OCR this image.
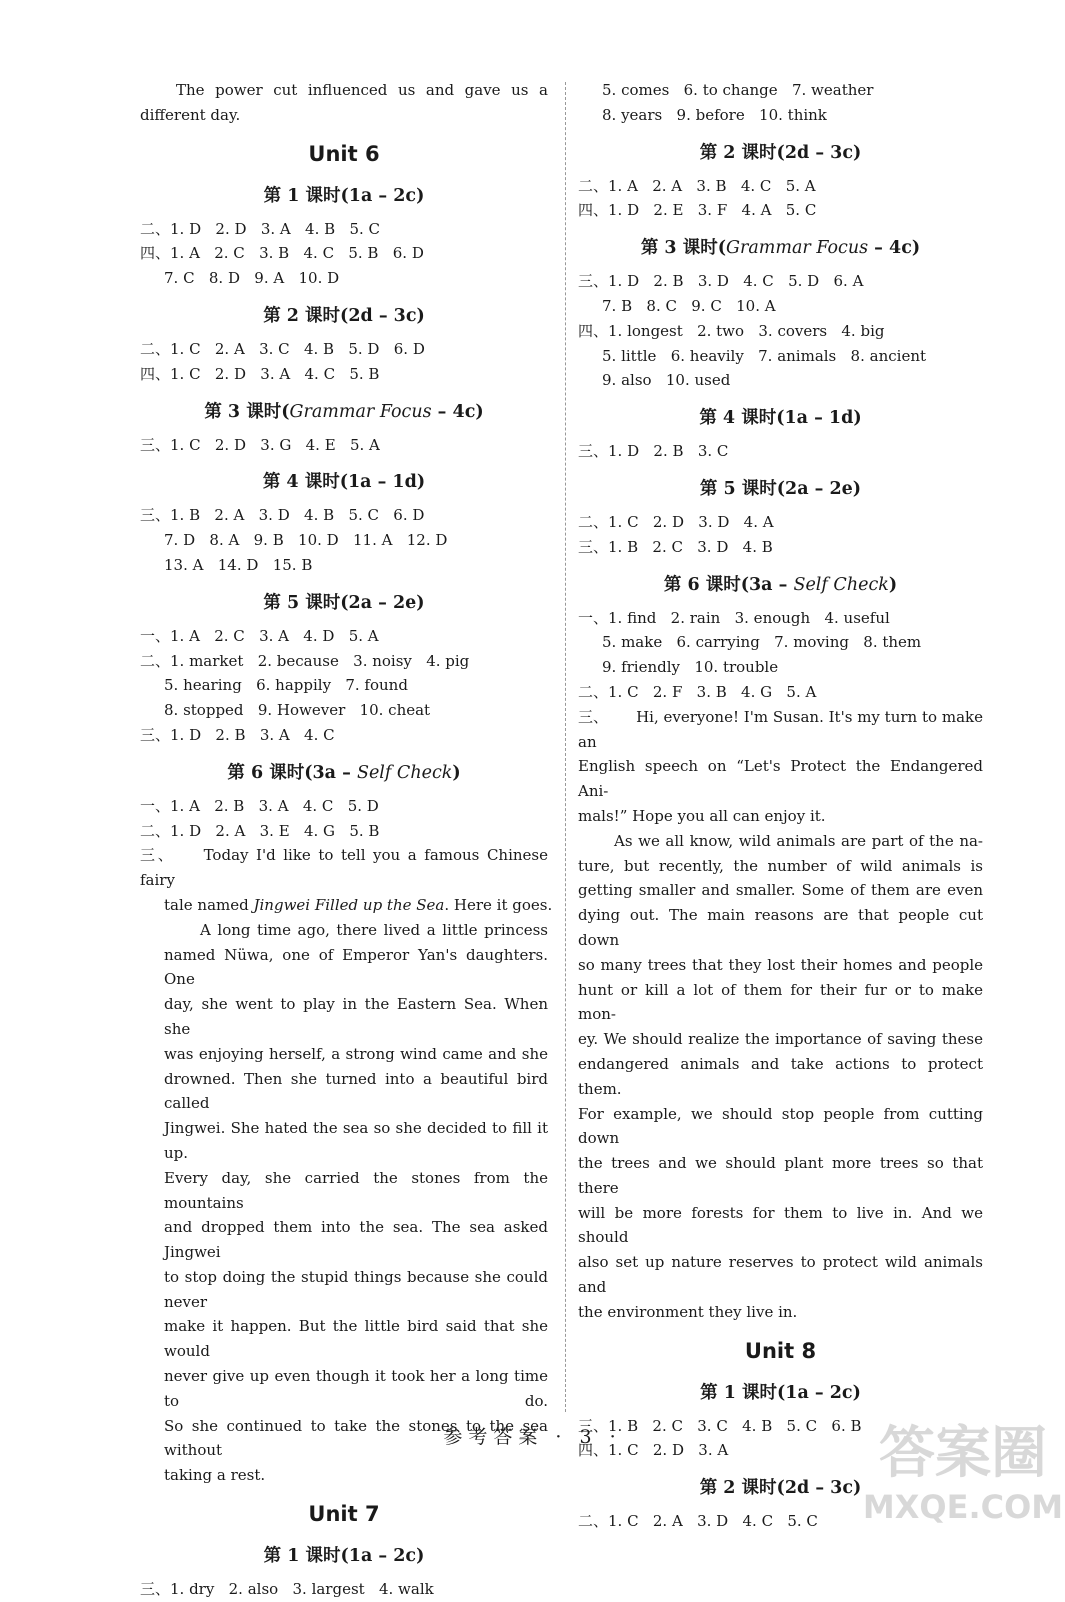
The power cut influenced us and gave us a
different day.
Unit 6
第 1 课时(1a – 2c)
二、1. D   2. D   3. A   4. B   5. C
四、1. A   2. C   3. B   4. C   5. B   6. D
7. C   8. D   9. A   10. D
第 2 课时(2d – 3c)
二、1. C   2. A   3. C   4. B   5. D   6. D
四、1. C   2. D   3. A   4. C   5. B
第 3 课时(Grammar Focus – 4c)
三、1. C   2. D   3. G   4. E   5. A
第 4 课时(1a – 1d)
三、1. B   2. A   3. D   4. B   5. C   6. D
7. D   8. A   9. B   10. D   11. A   12. D
13. A   14. D   15. B
第 5 课时(2a – 2e)
一、1. A   2. C   3. A   4. D   5. A
二、1. market   2. because   3. noisy   4. pig
5. hearing   6. happily   7. found
8. stopped   9. However   10. cheat
三、1. D   2. B   3. A   4. C
第 6 课时(3a – Self Check)
一、1. A   2. B   3. A   4. C   5. D
二、1. D   2. A   3. E   4. G   5. B
三、 Today I'd like to tell you a famous Chinese fairy
tale named Jingwei Filled up the Sea. Here it goes.
A long time ago, there lived a little princess
named Nüwa, one of Emperor Yan's daughters. One
day, she went to play in the Eastern Sea. When she
was enjoying herself, a strong wind came and she
drowned. Then she turned into a beautiful bird called
Jingwei. She hated the sea so she decided to fill it up.
Every day, she carried the stones from the mountains
and dropped them into the sea. The sea asked Jingwei
to stop doing the stupid things because she could never
make it happen. But the little bird said that she would
never give up even though it took her a long time to do.
So she continued to take the stones to the sea without
taking a rest.
Unit 7
第 1 课时(1a – 2c)
三、1. dry   2. also   3. largest   4. walk
5. comes   6. to change   7. weather
8. years   9. before   10. think
第 2 课时(2d – 3c)
二、1. A   2. A   3. B   4. C   5. A
四、1. D   2. E   3. F   4. A   5. C
第 3 课时(Grammar Focus – 4c)
三、1. D   2. B   3. D   4. C   5. D   6. A
7. B   8. C   9. C   10. A
四、1. longest   2. two   3. covers   4. big
5. little   6. heavily   7. animals   8. ancient
9. also   10. used
第 4 课时(1a – 1d)
三、1. D   2. B   3. C
第 5 课时(2a – 2e)
二、1. C   2. D   3. D   4. A
三、1. B   2. C   3. D   4. B
第 6 课时(3a – Self Check)
一、1. find   2. rain   3. enough   4. useful
5. make   6. carrying   7. moving   8. them
9. friendly   10. trouble
二、1. C   2. F   3. B   4. G   5. A
三、 Hi, everyone! I'm Susan. It's my turn to make an
English speech on “Let's Protect the Endangered Ani-
mals!” Hope you all can enjoy it.
As we all know, wild animals are part of the na-
ture, but recently, the number of wild animals is
getting smaller and smaller. Some of them are even
dying out. The main reasons are that people cut down
so many trees that they lost their homes and people
hunt or kill a lot of them for their fur or to make mon-
ey. We should realize the importance of saving these
endangered animals and take actions to protect them.
For example, we should stop people from cutting down
the trees and we should plant more trees so that there
will be more forests for them to live in. And we should
also set up nature reserves to protect wild animals and
the environment they live in.
Unit 8
第 1 课时(1a – 2c)
三、1. B   2. C   3. C   4. B   5. C   6. B
四、1. C   2. D   3. A
第 2 课时(2d – 3c)
二、1. C   2. A   3. D   4. C   5. C
参考答案 · 3 ·	答案圈
MXQE.COM
